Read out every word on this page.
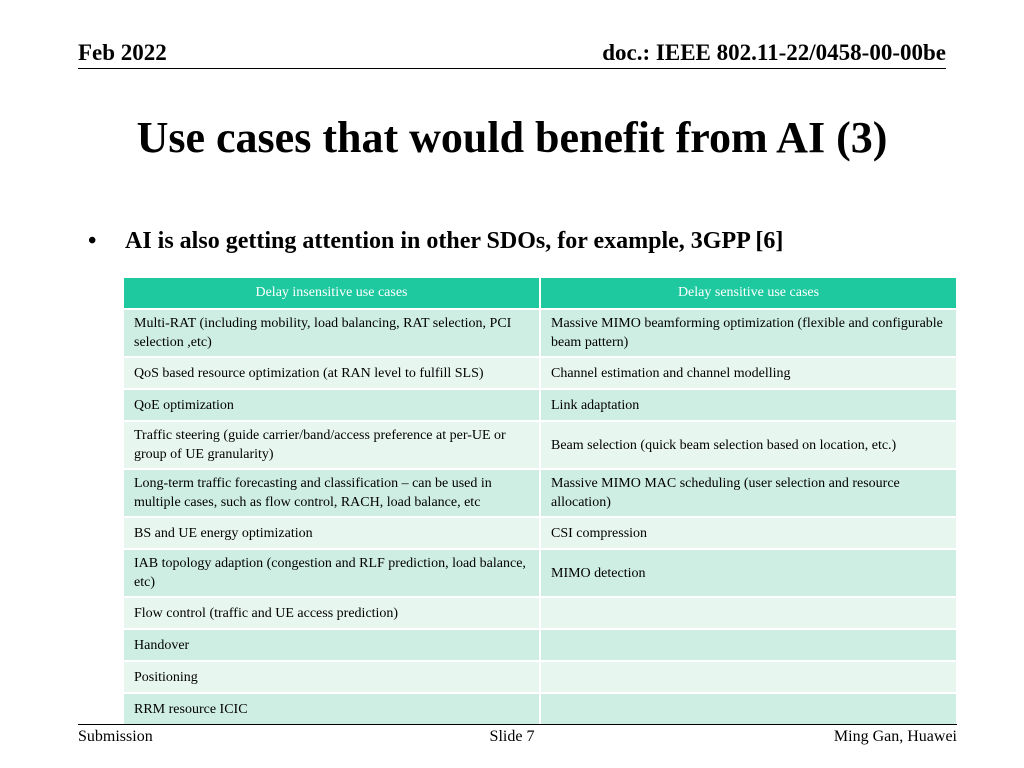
Feb 2022	doc.: IEEE 802.11-22/0458-00-00be
Use cases that would benefit from AI (3)
• AI is also getting attention in other SDOs, for example, 3GPP [6]
Delay insensitive use cases	Delay sensitive use cases
Multi-RAT (including mobility, load balancing, RAT selection, PCI selection ,etc)	Massive MIMO beamforming optimization (flexible and configurable beam pattern)
QoS based resource optimization (at RAN level to fulfill SLS)	Channel estimation and channel modelling
QoE optimization	Link adaptation
Traffic steering (guide carrier/band/access preference at per-UE or group of UE granularity)	Beam selection (quick beam selection based on location, etc.)
Long-term traffic forecasting and classification – can be used in multiple cases, such as flow control, RACH, load balance, etc	Massive MIMO MAC scheduling (user selection and resource allocation)
BS and UE energy optimization	CSI compression
IAB topology adaption (congestion and RLF prediction, load balance, etc)	MIMO detection
Flow control (traffic and UE access prediction)	
Handover	
Positioning	
RRM resource ICIC	
Submission	Slide 7	Ming Gan, Huawei
